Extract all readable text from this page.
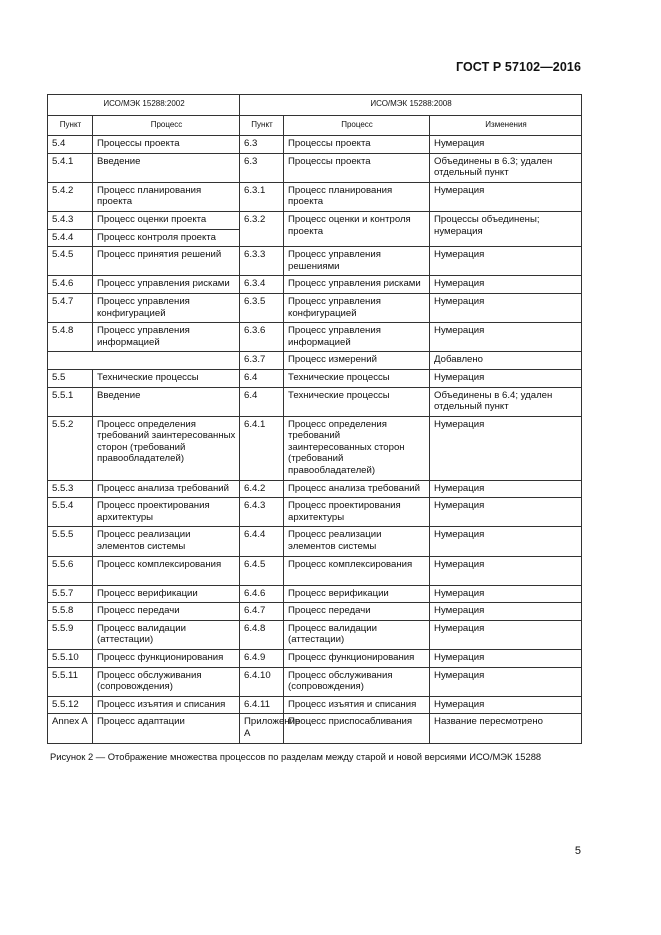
ГОСТ Р 57102—2016
ИСО/МЭК 15288:2002		ИСО/МЭК 15288:2008		
Пункт	Процесс	Пункт	Процесс	Изменения
5.4	Процессы проекта	6.3	Процессы проекта	Нумерация
5.4.1	Введение	6.3	Процессы проекта	Объединены в 6.3; удален отдельный пункт
5.4.2	Процесс планирования проекта	6.3.1	Процесс планирования проекта	Нумерация
5.4.3	Процесс оценки проекта	6.3.2	Процесс оценки и контроля проекта	Процессы объединены; нумерация
5.4.4	Процесс контроля проекта			
5.4.5	Процесс принятия решений	6.3.3	Процесс управления решениями	Нумерация
5.4.6	Процесс управления рисками	6.3.4	Процесс управления рисками	Нумерация
5.4.7	Процесс управления конфигурацией	6.3.5	Процесс управления конфигурацией	Нумерация
5.4.8	Процесс управления информацией	6.3.6	Процесс управления информацией	Нумерация
		6.3.7	Процесс измерений	Добавлено
5.5	Технические процессы	6.4	Технические процессы	Нумерация
5.5.1	Введение	6.4	Технические процессы	Объединены в 6.4; удален отдельный пункт
5.5.2	Процесс определения требований заинтересованных сторон (требований правообладателей)	6.4.1	Процесс определения требований заинтересованных сторон (требований правообладателей)	Нумерация
5.5.3	Процесс анализа требований	6.4.2	Процесс анализа требований	Нумерация
5.5.4	Процесс проектирования архитектуры	6.4.3	Процесс проектирования архитектуры	Нумерация
5.5.5	Процесс реализации элементов системы	6.4.4	Процесс реализации элементов системы	Нумерация
5.5.6	Процесс комплексирования	6.4.5	Процесс комплексирования	Нумерация
5.5.7	Процесс верификации	6.4.6	Процесс верификации	Нумерация
5.5.8	Процесс передачи	6.4.7	Процесс передачи	Нумерация
5.5.9	Процесс валидации (аттестации)	6.4.8	Процесс валидации (аттестации)	Нумерация
5.5.10	Процесс функционирования	6.4.9	Процесс функционирования	Нумерация
5.5.11	Процесс обслуживания (сопровождения)	6.4.10	Процесс обслуживания (сопровождения)	Нумерация
5.5.12	Процесс изъятия и списания	6.4.11	Процесс изъятия и списания	Нумерация
Annex A	Процесс адаптации	Приложение А	Процесс приспосабливания	Название пересмотрено
Рисунок 2 — Отображение множества процессов по разделам между старой и новой версиями ИСО/МЭК 15288
5
